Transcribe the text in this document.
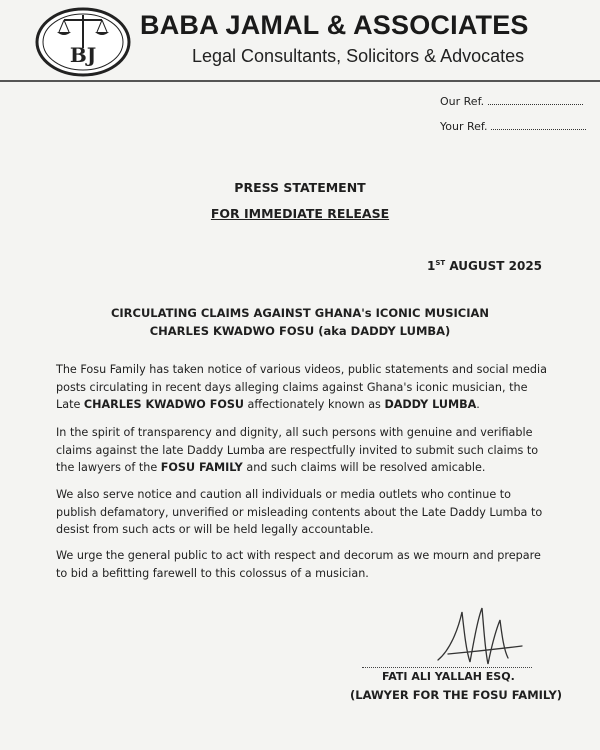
BJ
BABA JAMAL & ASSOCIATES
Legal Consultants, Solicitors & Advocates
Our Ref.
Your Ref.
PRESS STATEMENT
FOR IMMEDIATE RELEASE
1ST AUGUST 2025
CIRCULATING CLAIMS AGAINST GHANA's ICONIC MUSICIAN
CHARLES KWADWO FOSU (aka DADDY LUMBA)

The Fosu Family has taken notice of various videos, public statements and social media posts circulating in recent days alleging claims against Ghana's iconic musician, the Late CHARLES KWADWO FOSU affectionately known as DADDY LUMBA.

In the spirit of transparency and dignity, all such persons with genuine and verifiable claims against the late Daddy Lumba are respectfully invited to submit such claims to the lawyers of the FOSU FAMILY and such claims will be resolved amicable.

We also serve notice and caution all individuals or media outlets who continue to publish defamatory, unverified or misleading contents about the Late Daddy Lumba to desist from such acts or will be held legally accountable.

We urge the general public to act with respect and decorum as we mourn and prepare to bid a befitting farewell to this colossus of a musician.

FATI ALI YALLAH ESQ.
(LAWYER FOR THE FOSU FAMILY)
